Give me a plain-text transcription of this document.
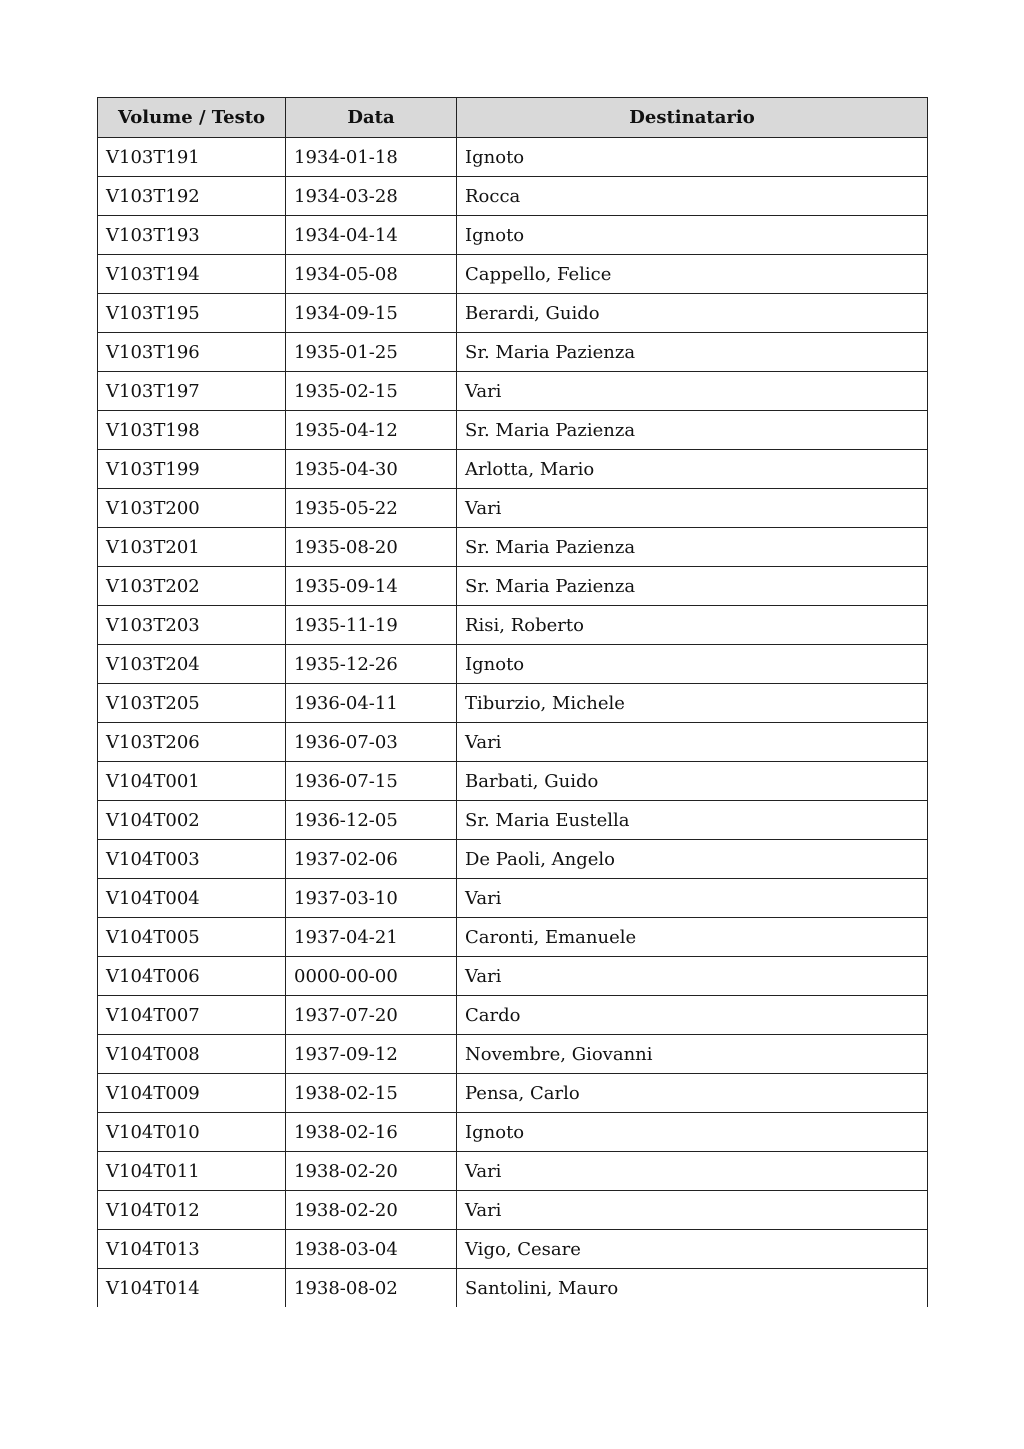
Volume / Testo	Data	Destinatario
V103T191	1934-01-18	Ignoto
V103T192	1934-03-28	Rocca
V103T193	1934-04-14	Ignoto
V103T194	1934-05-08	Cappello, Felice
V103T195	1934-09-15	Berardi, Guido
V103T196	1935-01-25	Sr. Maria Pazienza
V103T197	1935-02-15	Vari
V103T198	1935-04-12	Sr. Maria Pazienza
V103T199	1935-04-30	Arlotta, Mario
V103T200	1935-05-22	Vari
V103T201	1935-08-20	Sr. Maria Pazienza
V103T202	1935-09-14	Sr. Maria Pazienza
V103T203	1935-11-19	Risi, Roberto
V103T204	1935-12-26	Ignoto
V103T205	1936-04-11	Tiburzio, Michele
V103T206	1936-07-03	Vari
V104T001	1936-07-15	Barbati, Guido
V104T002	1936-12-05	Sr. Maria Eustella
V104T003	1937-02-06	De Paoli, Angelo
V104T004	1937-03-10	Vari
V104T005	1937-04-21	Caronti, Emanuele
V104T006	0000-00-00	Vari
V104T007	1937-07-20	Cardo
V104T008	1937-09-12	Novembre, Giovanni
V104T009	1938-02-15	Pensa, Carlo
V104T010	1938-02-16	Ignoto
V104T011	1938-02-20	Vari
V104T012	1938-02-20	Vari
V104T013	1938-03-04	Vigo, Cesare
V104T014	1938-08-02	Santolini, Mauro
